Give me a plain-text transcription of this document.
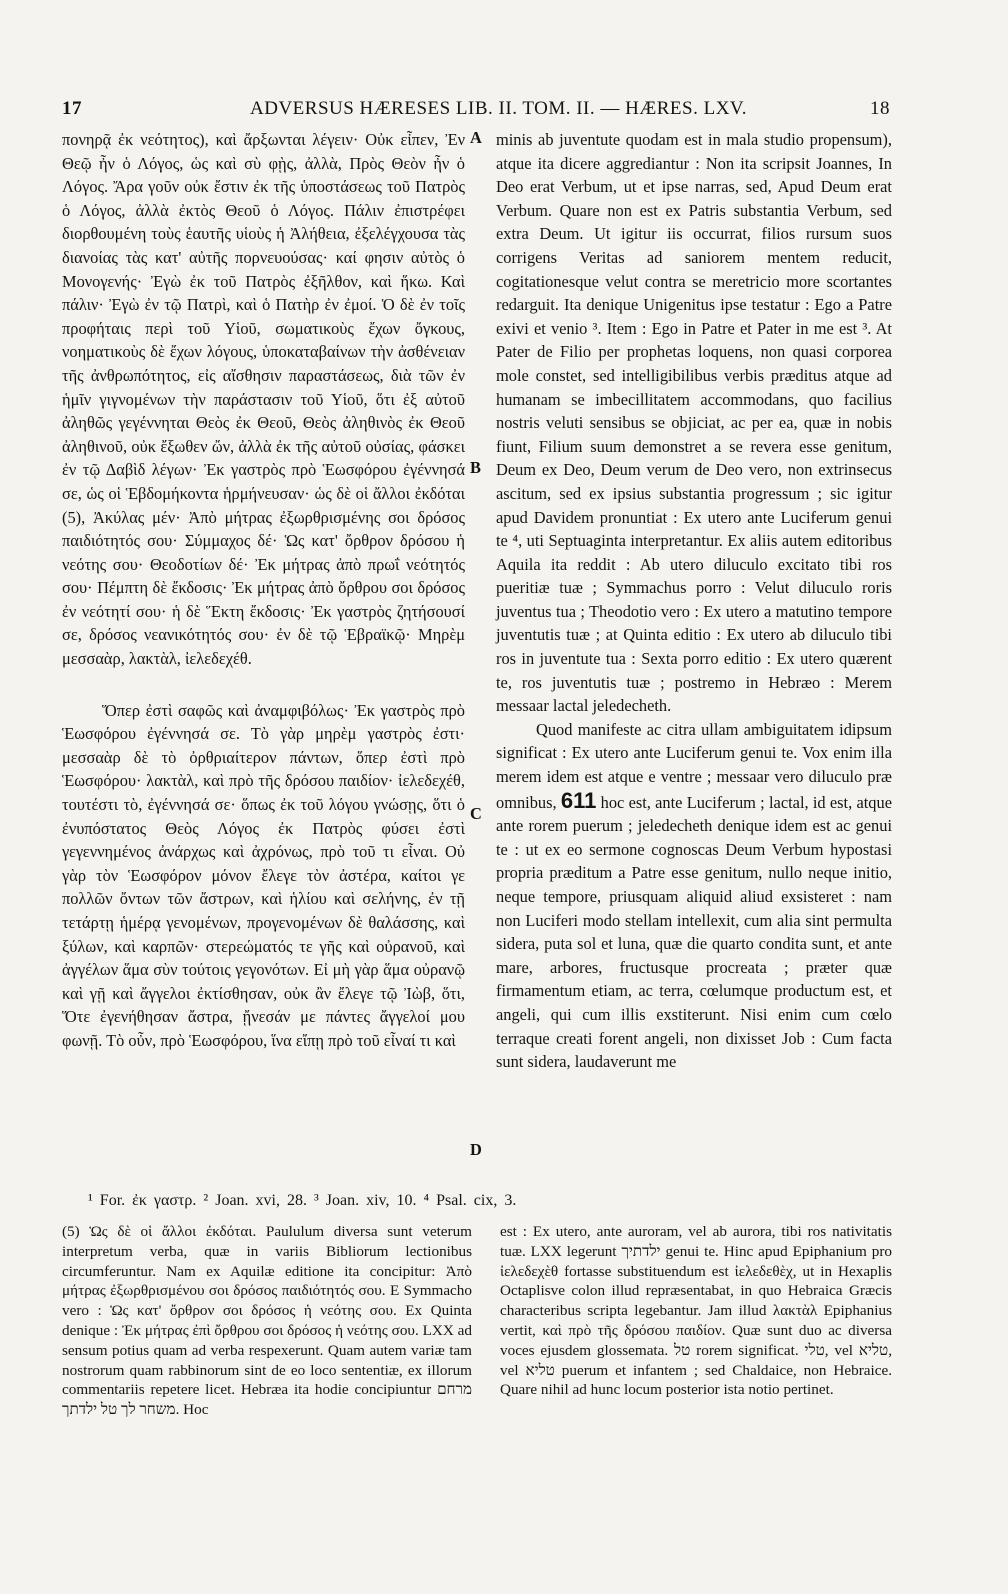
17	ADVERSUS HÆRESES LIB. II. TOM. II. — HÆRES. LXV.	18

πονηρᾷ ἐκ νεότητος), καὶ ἄρξωνται λέγειν· Οὐκ εἶπεν, Ἐν Θεῷ ἦν ὁ Λόγος, ὡς καὶ σὺ φῂς, ἀλλὰ, Πρὸς Θεὸν ἦν ὁ Λόγος. Ἄρα γοῦν οὐκ ἔστιν ἐκ τῆς ὑποστάσεως τοῦ Πατρὸς ὁ Λόγος, ἀλλὰ ἐκτὸς Θεοῦ ὁ Λόγος. Πάλιν ἐπιστρέφει διορθουμένη τοὺς ἑαυτῆς υἱοὺς ἡ Ἀλήθεια, ἐξελέγχουσα τὰς διανοίας τὰς κατ' αὐτῆς πορνευούσας· καί φησιν αὐτὸς ὁ Μονογενής· Ἐγὼ ἐκ τοῦ Πατρὸς ἐξῆλθον, καὶ ἥκω. Καὶ πάλιν· Ἐγὼ ἐν τῷ Πατρὶ, καὶ ὁ Πατὴρ ἐν ἐμοί. Ὁ δὲ ἐν τοῖς προφήταις περὶ τοῦ Υἱοῦ, σωματικοὺς ἔχων ὄγκους, νοηματικοὺς δὲ ἔχων λόγους, ὑποκαταβαίνων τὴν ἀσθένειαν τῆς ἀνθρωπότητος, εἰς αἴσθησιν παραστάσεως, διὰ τῶν ἐν ἡμῖν γιγνομένων τὴν παράστασιν τοῦ Υἱοῦ, ὅτι ἐξ αὐτοῦ ἀληθῶς γεγέννηται Θεὸς ἐκ Θεοῦ, Θεὸς ἀληθινὸς ἐκ Θεοῦ ἀληθινοῦ, οὐκ ἔξωθεν ὤν, ἀλλὰ ἐκ τῆς αὐτοῦ οὐσίας, φάσκει ἐν τῷ Δαβὶδ λέγων· Ἐκ γαστρὸς πρὸ Ἑωσφόρου ἐγέννησά σε, ὡς οἱ Ἑβδομήκοντα ἡρμήνευσαν· ὡς δὲ οἱ ἄλλοι ἐκδόται (5), Ἀκύλας μέν· Ἀπὸ μήτρας ἐξωρθρισμένης σοι δρόσος παιδιότητός σου· Σύμμαχος δέ· Ὡς κατ' ὄρθρον δρόσου ἡ νεότης σου· Θεοδοτίων δέ· Ἐκ μήτρας ἀπὸ πρωΐ νεότητός σου· Πέμπτη δὲ ἔκδοσις· Ἐκ μήτρας ἀπὸ ὄρθρου σοι δρόσος ἐν νεότητί σου· ἡ δὲ Ἕκτη ἔκδοσις· Ἐκ γαστρὸς ζητήσουσί σε, δρόσος νεανικότητός σου· ἐν δὲ τῷ Ἑβραϊκῷ· Μηρὲμ μεσσαὰρ, λακτὰλ, ἰελεδεχέθ.

Ὅπερ ἐστὶ σαφῶς καὶ ἀναμφιβόλως· Ἐκ γαστρὸς πρὸ Ἑωσφόρου ἐγέννησά σε. Τὸ γὰρ μηρὲμ γαστρὸς ἐστι· μεσσαὰρ δὲ τὸ ὀρθριαίτερον πάντων, ὅπερ ἐστὶ πρὸ Ἑωσφόρου· λακτὰλ, καὶ πρὸ τῆς δρόσου παιδίον· ἰελεδεχέθ, τουτέστι τὸ, ἐγέννησά σε· ὅπως ἐκ τοῦ λόγου γνώσῃς, ὅτι ὁ ἐνυπόστατος Θεὸς Λόγος ἐκ Πατρὸς φύσει ἐστὶ γεγεννημένος ἀνάρχως καὶ ἀχρόνως, πρὸ τοῦ τι εἶναι. Οὐ γὰρ τὸν Ἑωσφόρον μόνον ἔλεγε τὸν ἀστέρα, καίτοι γε πολλῶν ὄντων τῶν ἄστρων, καὶ ἡλίου καὶ σελήνης, ἐν τῇ τετάρτῃ ἡμέρᾳ γενομένων, προγενομένων δὲ θαλάσσης, καὶ ξύλων, καὶ καρπῶν· στερεώματός τε γῆς καὶ οὐρανοῦ, καὶ ἀγγέλων ἅμα σὺν τούτοις γεγονότων. Εἰ μὴ γὰρ ἅμα οὐρανῷ καὶ γῇ καὶ ἄγγελοι ἐκτίσθησαν, οὐκ ἂν ἔλεγε τῷ Ἰὼβ, ὅτι, Ὅτε ἐγενήθησαν ἄστρα, ᾔνεσάν με πάντες ἄγγελοί μου φωνῇ. Τὸ οὖν, πρὸ Ἑωσφόρου, ἵνα εἴπῃ πρὸ τοῦ εἶναί τι καὶ

A
B
C
D

minis ab juventute quodam est in mala studio propensum), atque ita dicere aggrediantur : Non ita scripsit Joannes, In Deo erat Verbum, ut et ipse narras, sed, Apud Deum erat Verbum. Quare non est ex Patris substantia Verbum, sed extra Deum. Ut igitur iis occurrat, filios rursum suos corrigens Veritas ad saniorem mentem reducit, cogitationesque velut contra se meretricio more scortantes redarguit. Ita denique Unigenitus ipse testatur : Ego a Patre exivi et venio ³. Item : Ego in Patre et Pater in me est ³. At Pater de Filio per prophetas loquens, non quasi corporea mole constet, sed intelligibilibus verbis præditus atque ad humanam se imbecillitatem accommodans, quo facilius nostris veluti sensibus se objiciat, ac per ea, quæ in nobis fiunt, Filium suum demonstret a se revera esse genitum, Deum ex Deo, Deum verum de Deo vero, non extrinsecus ascitum, sed ex ipsius substantia progressum ; sic igitur apud Davidem pronuntiat : Ex utero ante Luciferum genui te ⁴, uti Septuaginta interpretantur. Ex aliis autem editoribus Aquila ita reddit : Ab utero diluculo excitato tibi ros pueritiæ tuæ ; Symmachus porro : Velut diluculo roris juventus tua ; Theodotio vero : Ex utero a matutino tempore juventutis tuæ ; at Quinta editio : Ex utero ab diluculo tibi ros in juventute tua : Sexta porro editio : Ex utero quærent te, ros juventutis tuæ ; postremo in Hebræo : Merem messaar lactal jeledecheth.

Quod manifeste ac citra ullam ambiguitatem idipsum significat : Ex utero ante Luciferum genui te. Vox enim illa merem idem est atque e ventre ; messaar vero diluculo præ omnibus, 611 hoc est, ante Luciferum ; lactal, id est, atque ante rorem puerum ; jeledecheth denique idem est ac genui te : ut ex eo sermone cognoscas Deum Verbum hypostasi propria præditum a Patre esse genitum, nullo neque initio, neque tempore, priusquam aliquid aliud exsisteret : nam non Luciferi modo stellam intellexit, cum alia sint permulta sidera, puta sol et luna, quæ die quarto condita sunt, et ante mare, arbores, fructusque procreata ; præter quæ firmamentum etiam, ac terra, cœlumque productum est, et angeli, qui cum illis exstiterunt. Nisi enim cum cœlo terraque creati forent angeli, non dixisset Job : Cum facta sunt sidera, laudaverunt me

¹ For. ἐκ γαστρ. ² Joan. xvi, 28. ³ Joan. xiv, 10. ⁴ Psal. cix, 3.

(5) Ὡς δὲ οἱ ἄλλοι ἐκδόται. Paululum diversa sunt veterum interpretum verba, quæ in variis Bibliorum lectionibus circumferuntur. Nam ex Aquilæ editione ita concipitur: Ἀπὸ μήτρας ἐξωρθρισμένου σοι δρόσος παιδιότητός σου. E Symmacho vero : Ὡς κατ' ὄρθρον σοι δρόσος ἡ νεότης σου. Ex Quinta denique : Ἐκ μήτρας ἐπὶ ὄρθρου σοι δρόσος ἡ νεότης σου. LXX ad sensum potius quam ad verba respexerunt. Quam autem variæ tam nostrorum quam rabbinorum sint de eo loco sententiæ, ex illorum commentariis repetere licet. Hebræa ita hodie concipiuntur מרחם משחר לך טל ילדתך. Hoc

est : Ex utero, ante auroram, vel ab aurora, tibi ros nativitatis tuæ. LXX legerunt ילדתיך genui te. Hinc apud Epiphanium pro ἰελεδεχὲθ fortasse substituendum est ἰελεδεθὲχ, ut in Hexaplis Octaplisve colon illud repræsentabat, in quo Hebraica Græcis characteribus scripta legebantur. Jam illud λακτὰλ Epiphanius vertit, καὶ πρὸ τῆς δρόσου παιδίον. Quæ sunt duo ac diversa voces ejusdem glossemata. טל rorem significat. טלי, vel טליא, vel טליא puerum et infantem ; sed Chaldaice, non Hebraice. Quare nihil ad hunc locum posterior ista notio pertinet.
